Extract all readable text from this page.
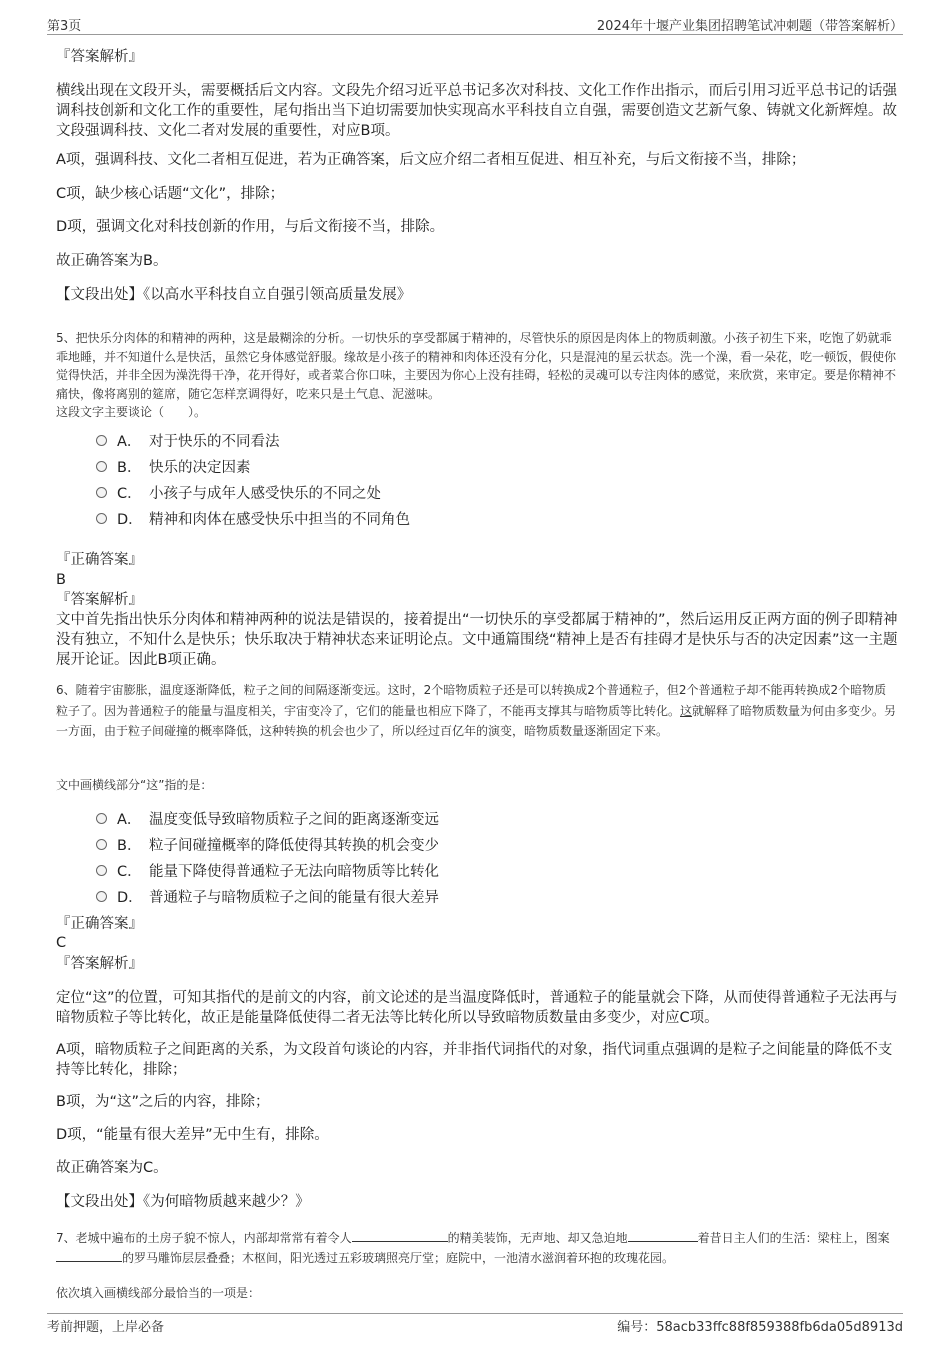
第3页	2024年十堰产业集团招聘笔试冲刺题（带答案解析）

『答案解析』

横线出现在文段开头，需要概括后文内容。文段先介绍习近平总书记多次对科技、文化工作作出指示，而后引用习近平总书记的话强调科技创新和文化工作的重要性，尾句指出当下迫切需要加快实现高水平科技自立自强，需要创造文艺新气象、铸就文化新辉煌。故文段强调科技、文化二者对发展的重要性，对应B项。

A项，强调科技、文化二者相互促进，若为正确答案，后文应介绍二者相互促进、相互补充，与后文衔接不当，排除；

C项，缺少核心话题“文化”，排除；

D项，强调文化对科技创新的作用，与后文衔接不当，排除。

故正确答案为B。

【文段出处】《以高水平科技自立自强引领高质量发展》

5、把快乐分肉体的和精神的两种，这是最糊涂的分析。一切快乐的享受都属于精神的，尽管快乐的原因是肉体上的物质刺激。小孩子初生下来，吃饱了奶就乖乖地睡，并不知道什么是快活，虽然它身体感觉舒服。缘故是小孩子的精神和肉体还没有分化，只是混沌的星云状态。洗一个澡，看一朵花，吃一顿饭，假使你觉得快活，并非全因为澡洗得干净，花开得好，或者菜合你口味，主要因为你心上没有挂碍，轻松的灵魂可以专注肉体的感觉，来欣赏，来审定。要是你精神不痛快，像将离别的筵席，随它怎样烹调得好，吃来只是土气息、泥滋味。

这段文字主要谈论（　　）。

A． 对于快乐的不同看法
B． 快乐的决定因素
C． 小孩子与成年人感受快乐的不同之处
D． 精神和肉体在感受快乐中担当的不同角色

『正确答案』

B

『答案解析』

文中首先指出快乐分肉体和精神两种的说法是错误的，接着提出“一切快乐的享受都属于精神的”，然后运用反正两方面的例子即精神没有独立，不知什么是快乐；快乐取决于精神状态来证明论点。文中通篇围绕“精神上是否有挂碍才是快乐与否的决定因素”这一主题展开论证。因此B项正确。

6、随着宇宙膨胀，温度逐渐降低，粒子之间的间隔逐渐变远。这时，2个暗物质粒子还是可以转换成2个普通粒子，但2个普通粒子却不能再转换成2个暗物质粒子了。因为普通粒子的能量与温度相关，宇宙变冷了，它们的能量也相应下降了，不能再支撑其与暗物质等比转化。这就解释了暗物质数量为何由多变少。另一方面，由于粒子间碰撞的概率降低，这种转换的机会也少了，所以经过百亿年的演变，暗物质数量逐渐固定下来。

文中画横线部分“这”指的是：

A． 温度变低导致暗物质粒子之间的距离逐渐变远
B． 粒子间碰撞概率的降低使得其转换的机会变少
C． 能量下降使得普通粒子无法向暗物质等比转化
D． 普通粒子与暗物质粒子之间的能量有很大差异

『正确答案』

C

『答案解析』

定位“这”的位置，可知其指代的是前文的内容，前文论述的是当温度降低时，普通粒子的能量就会下降，从而使得普通粒子无法再与暗物质粒子等比转化，故正是能量降低使得二者无法等比转化所以导致暗物质数量由多变少，对应C项。

A项，暗物质粒子之间距离的关系，为文段首句谈论的内容，并非指代词指代的对象，指代词重点强调的是粒子之间能量的降低不支持等比转化，排除；

B项，为“这”之后的内容，排除；

D项，“能量有很大差异”无中生有，排除。

故正确答案为C。

【文段出处】《为何暗物质越来越少？》

7、老城中遍布的土房子貌不惊人，内部却常常有着令人	的精美装饰，无声地、却又急迫地	着昔日主人们的生活：梁柱上，图案的罗马雕饰层层叠叠；木枢间，阳光透过五彩玻璃照亮厅堂；庭院中，一池清水滋润着环抱的玫瑰花园。

依次填入画横线部分最恰当的一项是：

考前押题，上岸必备	编号：58acb33ffc88f859388fb6da05d8913d
